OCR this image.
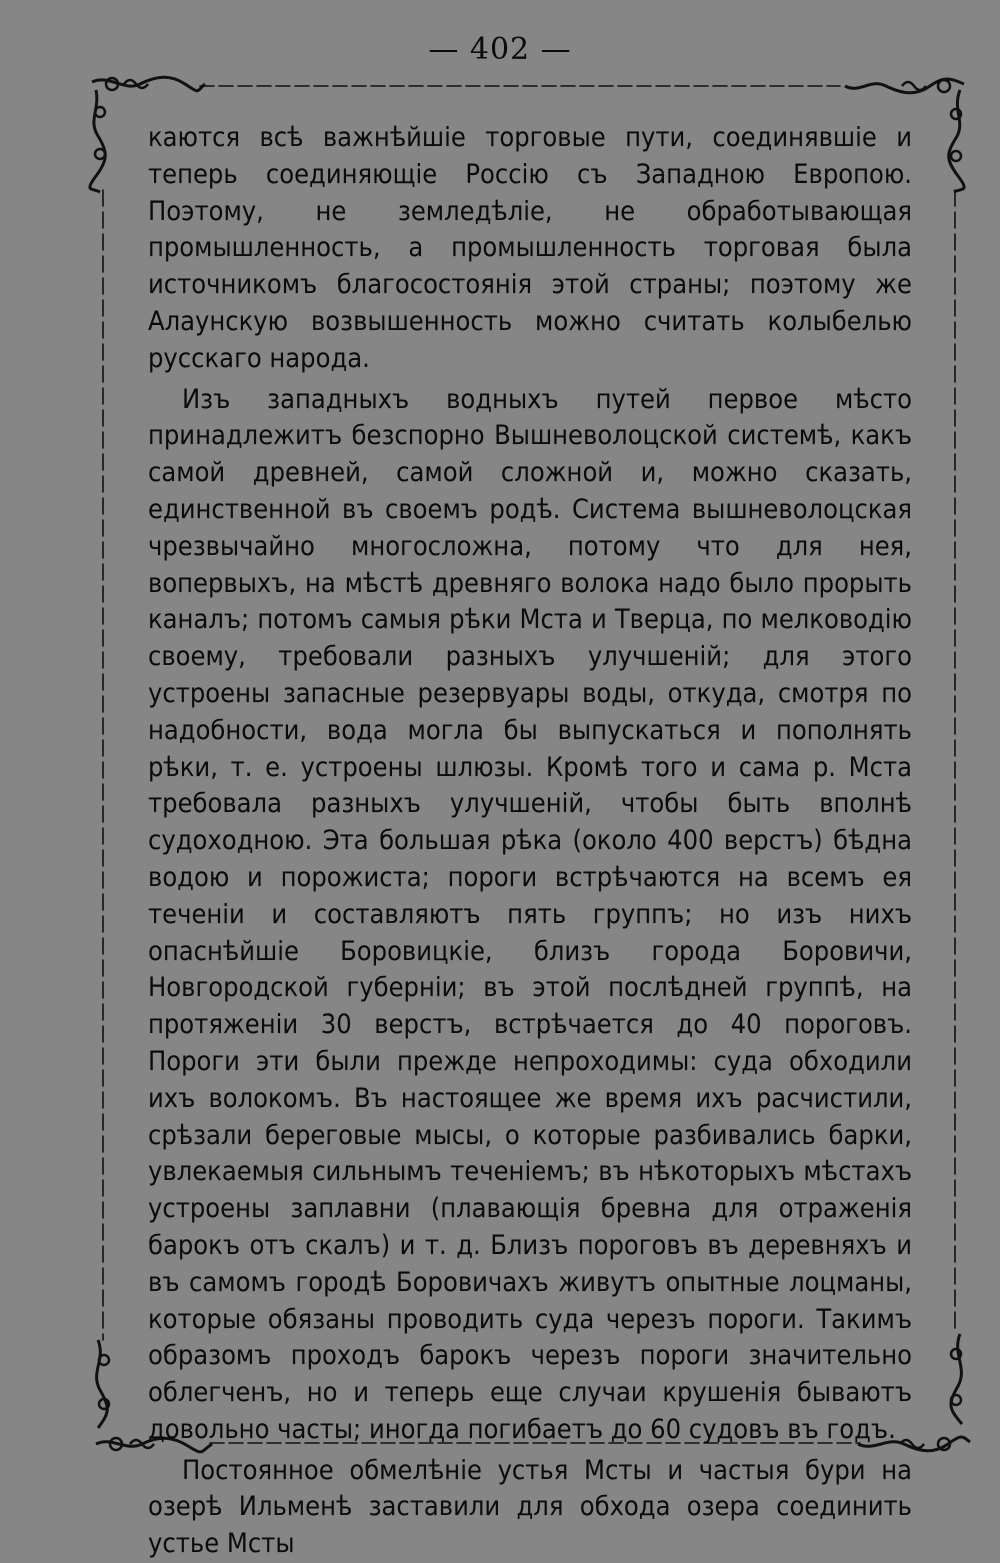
— 402 —

каются всѣ важнѣйшіе торговые пути, соединявшіе и теперь соединяющіе Россію съ Западною Европою. Поэтому, не земледѣліе, не обработывающая промышленность, а промышленность торговая была источникомъ благосостоянія этой страны; поэтому же Алаунскую возвышенность можно считать колыбелью русскаго народа.

Изъ западныхъ водныхъ путей первое мѣсто принадлежитъ безспорно Вышневолоцской системѣ, какъ самой древней, самой сложной и, можно сказать, единственной въ своемъ родѣ. Система вышневолоцская чрезвычайно многосложна, потому что для нея, вопервыхъ, на мѣстѣ древняго волока надо было прорыть каналъ; потомъ самыя рѣки Мста и Тверца, по мелководію своему, требовали разныхъ улучшеній; для этого устроены запасные резервуары воды, откуда, смотря по надобности, вода могла бы выпускаться и пополнять рѣки, т. е. устроены шлюзы. Кромѣ того и сама р. Мста требовала разныхъ улучшеній, чтобы быть вполнѣ судоходною. Эта большая рѣка (около 400 верстъ) бѣдна водою и порожиста; пороги встрѣчаются на всемъ ея теченіи и составляютъ пять группъ; но изъ нихъ опаснѣйшіе Боровицкіе, близъ города Боровичи, Новгородской губерніи; въ этой послѣдней группѣ, на протяженіи 30 верстъ, встрѣчается до 40 пороговъ. Пороги эти были прежде непроходимы: суда обходили ихъ волокомъ. Въ настоящее же время ихъ расчистили, срѣзали береговые мысы, о которые разбивались барки, увлекаемыя сильнымъ теченіемъ; въ нѣкоторыхъ мѣстахъ устроены заплавни (плавающія бревна для отраженія барокъ отъ скалъ) и т. д. Близъ пороговъ въ деревняхъ и въ самомъ городѣ Боровичахъ живутъ опытные лоцманы, которые обязаны проводить суда черезъ пороги. Такимъ образомъ проходъ барокъ черезъ пороги значительно облегченъ, но и теперь еще случаи крушенія бываютъ довольно часты; иногда погибаетъ до 60 судовъ въ годъ.

Постоянное обмелѣніе устья Мсты и частыя бури на озерѣ Ильменѣ заставили для обхода озера соединить устье Мсты
